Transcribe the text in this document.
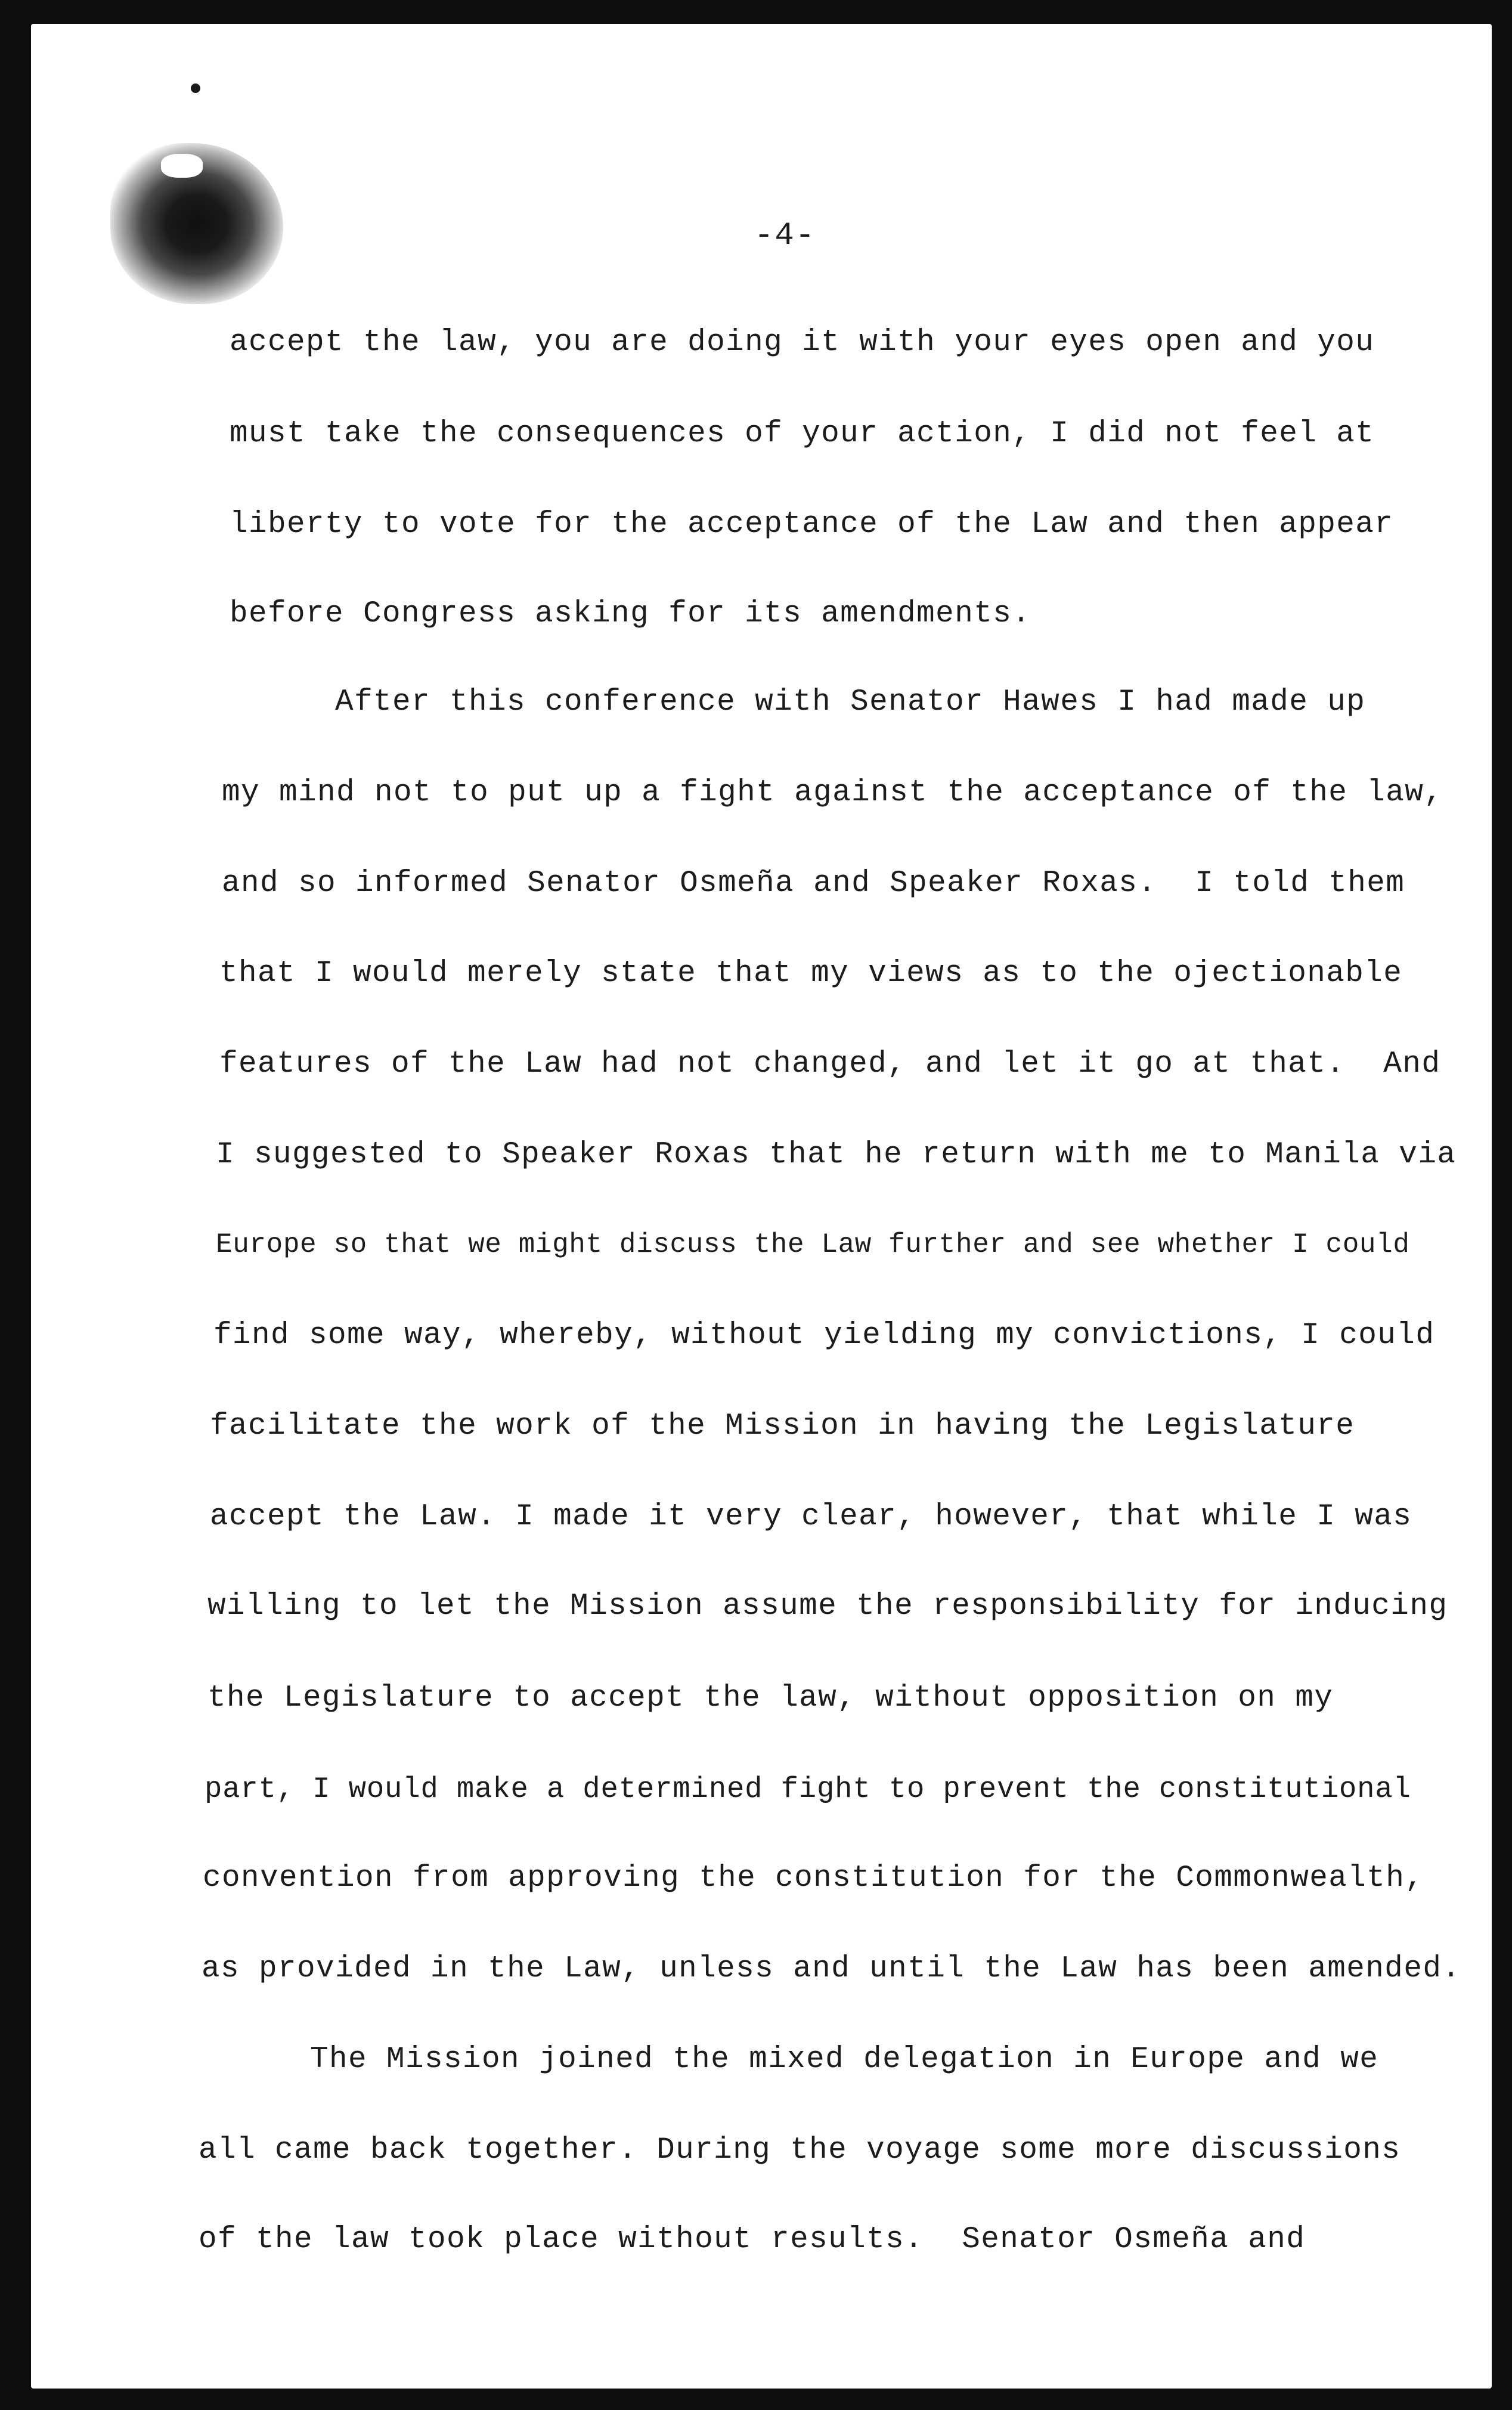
-4-
accept the law, you are doing it with your eyes open and you
must take the consequences of your action, I did not feel at
liberty to vote for the acceptance of the Law and then appear
before Congress asking for its amendments.
After this conference with Senator Hawes I had made up
my mind not to put up a fight against the acceptance of the law,
and so informed Senator Osmeña and Speaker Roxas.  I told them
that I would merely state that my views as to the ojectionable
features of the Law had not changed, and let it go at that.  And
I suggested to Speaker Roxas that he return with me to Manila via
Europe so that we might discuss the Law further and see whether I could
find some way, whereby, without yielding my convictions, I could
facilitate the work of the Mission in having the Legislature
accept the Law. I made it very clear, however, that while I was
willing to let the Mission assume the responsibility for inducing
the Legislature to accept the law, without opposition on my
part, I would make a determined fight to prevent the constitutional
convention from approving the constitution for the Commonwealth,
as provided in the Law, unless and until the Law has been amended.
The Mission joined the mixed delegation in Europe and we
all came back together. During the voyage some more discussions
of the law took place without results.  Senator Osmeña and
